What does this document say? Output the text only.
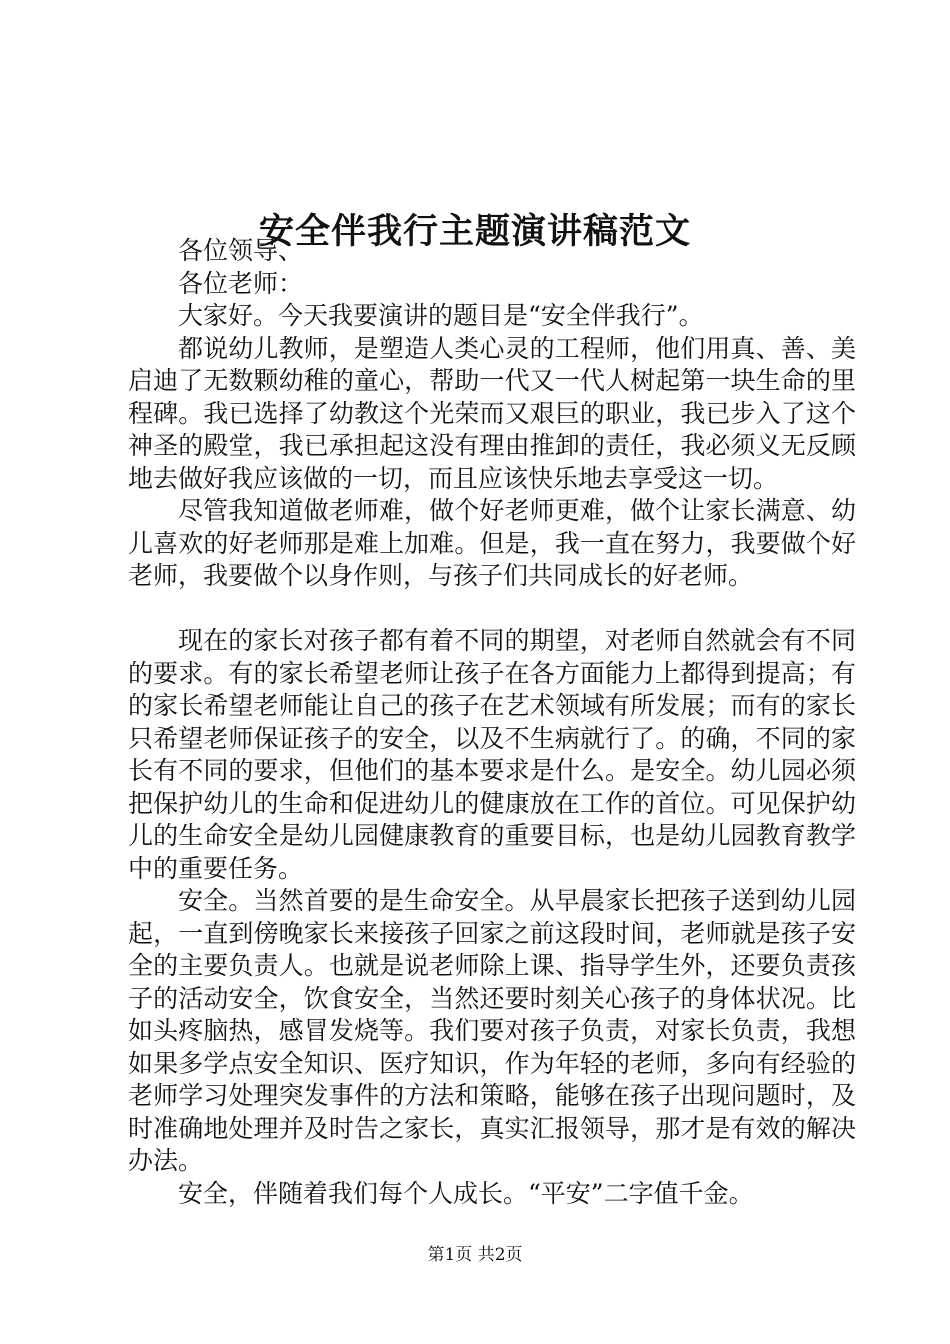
安全伴我行主题演讲稿范文

各位领导、

各位老师：

大家好。今天我要演讲的题目是“安全伴我行”。

都说幼儿教师，是塑造人类心灵的工程师，他们用真、善、美启迪了无数颗幼稚的童心，帮助一代又一代人树起第一块生命的里程碑。我已选择了幼教这个光荣而又艰巨的职业，我已步入了这个神圣的殿堂，我已承担起这没有理由推卸的责任，我必须义无反顾地去做好我应该做的一切，而且应该快乐地去享受这一切。

尽管我知道做老师难，做个好老师更难，做个让家长满意、幼儿喜欢的好老师那是难上加难。但是，我一直在努力，我要做个好老师，我要做个以身作则，与孩子们共同成长的好老师。

现在的家长对孩子都有着不同的期望，对老师自然就会有不同的要求。有的家长希望老师让孩子在各方面能力上都得到提高；有的家长希望老师能让自己的孩子在艺术领域有所发展；而有的家长只希望老师保证孩子的安全，以及不生病就行了。的确，不同的家长有不同的要求，但他们的基本要求是什么。是安全。幼儿园必须把保护幼儿的生命和促进幼儿的健康放在工作的首位。可见保护幼儿的生命安全是幼儿园健康教育的重要目标，也是幼儿园教育教学中的重要任务。

安全。当然首要的是生命安全。从早晨家长把孩子送到幼儿园起，一直到傍晚家长来接孩子回家之前这段时间，老师就是孩子安全的主要负责人。也就是说老师除上课、指导学生外，还要负责孩子的活动安全，饮食安全，当然还要时刻关心孩子的身体状况。比如头疼脑热，感冒发烧等。我们要对孩子负责，对家长负责，我想如果多学点安全知识、医疗知识，作为年轻的老师，多向有经验的老师学习处理突发事件的方法和策略，能够在孩子出现问题时，及时准确地处理并及时告之家长，真实汇报领导，那才是有效的解决办法。

安全，伴随着我们每个人成长。“平安”二字值千金。

第1页 共2页
